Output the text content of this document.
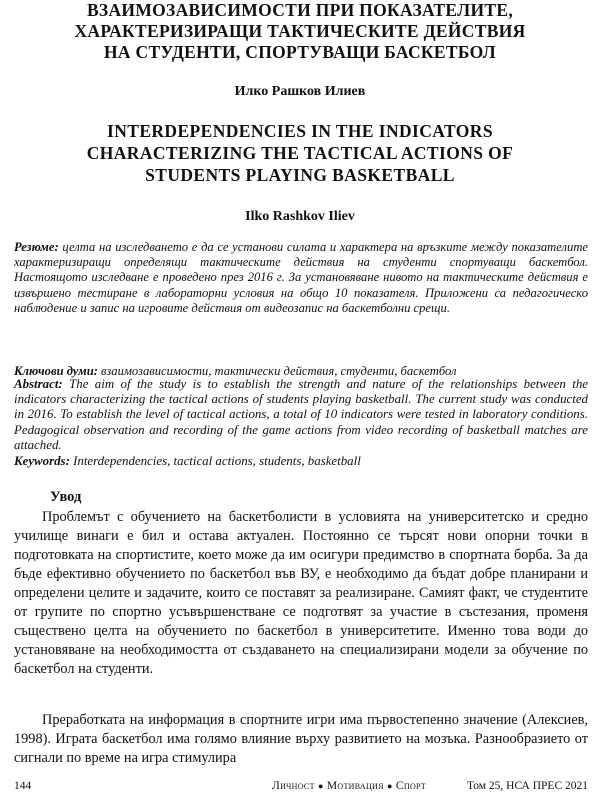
ВЗАИМОЗАВИСИМОСТИ ПРИ ПОКАЗАТЕЛИТЕ,
ХАРАКТЕРИЗИРАЩИ ТАКТИЧЕСКИТЕ ДЕЙСТВИЯ
НА СТУДЕНТИ, СПОРТУВАЩИ БАСКЕТБОЛ
Илко Рашков Илиев
INTERDEPENDENCIES IN THE INDICATORS
CHARACTERIZING THE TACTICAL ACTIONS OF
STUDENTS PLAYING BASKETBALL
Ilko Rashkov Iliev
Резюме: целта на изследването е да се установи силата и характера на връзките между показателите характеризиращи определящи тактическите действия на студенти спортуващи баскетбол. Настоящото изследване е проведено през 2016 г. За установяване нивото на тактическите действия е извършено тестиране в лабораторни условия на общо 10 показателя. Приложени са педагогическо наблюдение и запис на игровите действия от видеозапис на баскетболни срещи.
Ключови думи: взаимозависимости, тактически действия, студенти, баскетбол
Abstract: The aim of the study is to establish the strength and nature of the relationships between the indicators characterizing the tactical actions of students playing basketball. The current study was conducted in 2016. To establish the level of tactical actions, a total of 10 indicators were tested in laboratory conditions. Pedagogical observation and recording of the game actions from video recording of basketball matches are attached.
Keywords: Interdependencies, tactical actions, students, basketball
Увод

Проблемът с обучението на баскетболисти в условията на университетско и средно училище винаги е бил и остава актуален. Постоянно се търсят нови опорни точки в подготовката на спортистите, което може да им осигури предимство в спортната борба. За да бъде ефективно обучението по баскетбол във ВУ, е необходимо да бъдат добре планирани и определени целите и задачите, които се поставят за реализиране. Самият факт, че студентите от групите по спортно усъвършенстване се подготвят за участие в състезания, променя съществено целта на обучението по баскетбол в университетите. Именно това води до установяване на необходимостта от създаването на специализирани модели за обучение по баскетбол на студенти.

Преработката на информация в спортните игри има първостепенно значение (Алексиев, 1998). Играта баскетбол има голямо влияние върху развитието на мозъка. Разнообразието от сигнали по време на игра стимулира

144	Личност ● Мотивация ● Спорт	Том 25, НСА ПРЕС 2021
